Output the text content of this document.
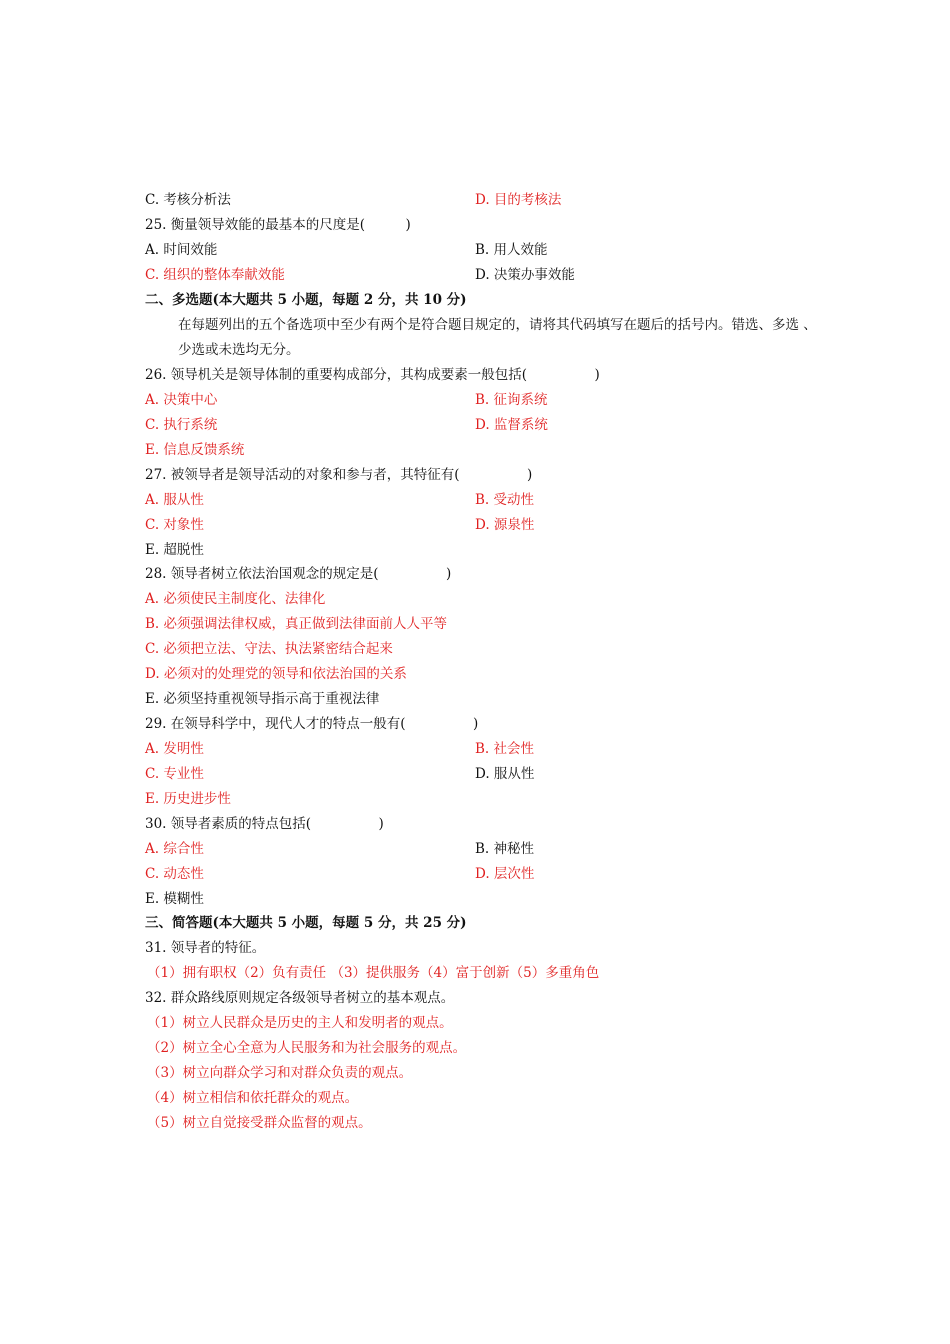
C. 考核分析法	D. 目的考核法
25. 衡量领导效能的最基本的尺度是(　　　)
A. 时间效能	B. 用人效能
C. 组织的整体奉献效能	D. 决策办事效能
二、多选题(本大题共 5 小题，每题 2 分，共 10 分)
在每题列出的五个备选项中至少有两个是符合题目规定的，请将其代码填写在题后的括号内。错选、多选 、
少选或未选均无分。
26. 领导机关是领导体制的重要构成部分，其构成要素一般包括(　　　　　)
A. 决策中心	B. 征询系统
C. 执行系统	D. 监督系统
E. 信息反馈系统
27. 被领导者是领导活动的对象和参与者，其特征有(　　　　　)
A. 服从性	B. 受动性
C. 对象性	D. 源泉性
E. 超脱性
28. 领导者树立依法治国观念的规定是(　　　　　)
A. 必须使民主制度化、法律化
B. 必须强调法律权威，真正做到法律面前人人平等
C. 必须把立法、守法、执法紧密结合起来
D. 必须对的处理党的领导和依法治国的关系
E. 必须坚持重视领导指示高于重视法律
29. 在领导科学中，现代人才的特点一般有(　　　　　)
A. 发明性	B. 社会性
C. 专业性	D. 服从性
E. 历史进步性
30. 领导者素质的特点包括(　　　　　)
A. 综合性	B. 神秘性
C. 动态性	D. 层次性
E. 模糊性
三、简答题(本大题共 5 小题，每题 5 分，共 25 分)
31. 领导者的特征。
（1）拥有职权（2）负有责任 （3）提供服务（4）富于创新（5）多重角色
32. 群众路线原则规定各级领导者树立的基本观点。
（1）树立人民群众是历史的主人和发明者的观点。
（2）树立全心全意为人民服务和为社会服务的观点。
（3）树立向群众学习和对群众负责的观点。
（4）树立相信和依托群众的观点。
（5）树立自觉接受群众监督的观点。
